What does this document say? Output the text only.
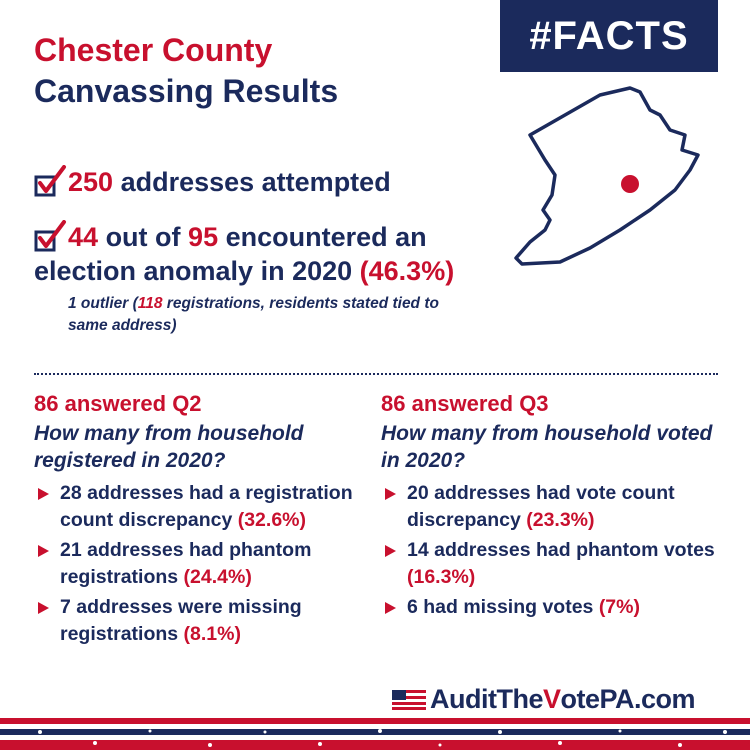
Chester County
Canvassing Results
#FACTS
250 addresses attempted
44 out of 95 encountered an
election anomaly in 2020 (46.3%)
1 outlier (118 registrations, residents stated tied to same address)
86 answered Q2
How many from household registered in 2020?
28 addresses had a registration count discrepancy (32.6%)
21 addresses had phantom registrations (24.4%)
7 addresses were missing registrations (8.1%)
86 answered Q3
How many from household voted in 2020?
20 addresses had vote count discrepancy (23.3%)
14 addresses had phantom votes (16.3%)
6 had missing votes (7%)
AuditThe V otePA.com
